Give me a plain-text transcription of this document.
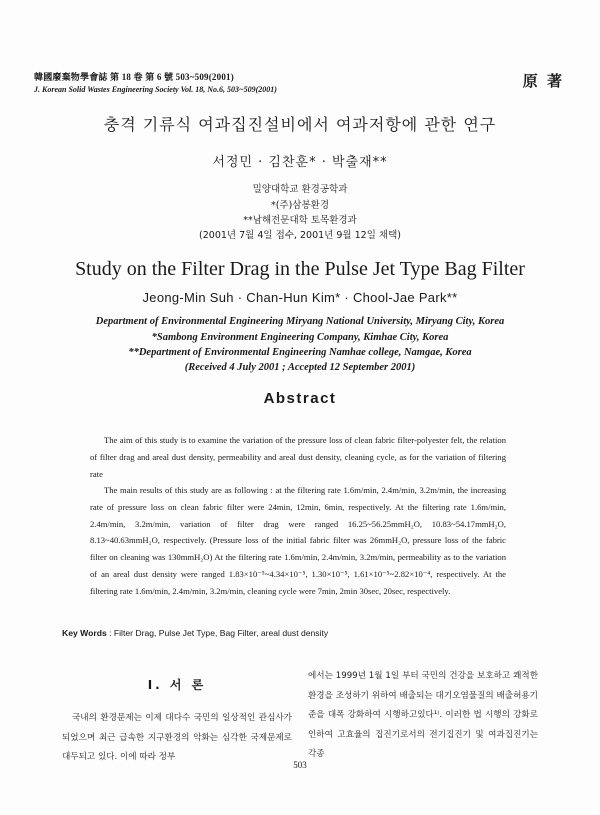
韓國廢棄物學會誌 第 18 卷 第 6 號 503~509(2001)
J. Korean Solid Wastes Engineering Society Vol. 18, No.6, 503~509(2001)	原 著
충격 기류식 여과집진설비에서 여과저항에 관한 연구
서정민 · 김찬훈* · 박출재**
밀양대학교 환경공학과
*(주)삼봉환경
**남해전문대학 토목환경과
(2001년 7월 4일 접수, 2001년 9월 12일 채택)
Study on the Filter Drag in the Pulse Jet Type Bag Filter
Jeong-Min Suh · Chan-Hun Kim* · Chool-Jae Park**
Department of Environmental Engineering Miryang National University, Miryang City, Korea
*Sambong Environment Engineering Company, Kimhae City, Korea
**Department of Environmental Engineering Namhae college, Namgae, Korea
(Received 4 July 2001 ; Accepted 12 September 2001)
Abstract

The aim of this study is to examine the variation of the pressure loss of clean fabric filter-polyester felt, the relation of filter drag and areal dust density, permeability and areal dust density, cleaning cycle, as for the variation of filtering rate

The main results of this study are as following : at the filtering rate 1.6m/min, 2.4m/min, 3.2m/min, the increasing rate of pressure loss on clean fabric filter were 24min, 12min, 6min, respectively. At the filtering rate 1.6m/min, 2.4m/min, 3.2m/min, variation of filter drag were ranged 16.25~56.25mmH₂O, 10.83~54.17mmH₂O, 8.13~40.63mmH₂O, respectively. (Pressure loss of the initial fabric filter was 26mmH₂O, pressure loss of the fabric filter on cleaning was 130mmH₂O) At the filtering rate 1.6m/min, 2.4m/min, 3.2m/min, permeability as to the variation of an areal dust density were ranged 1.83×10⁻⁵~4.34×10⁻⁵, 1.30×10⁻⁵, 1.61×10⁻⁵~2.82×10⁻⁴, respectively. At the filtering rate 1.6m/min, 2.4m/min, 3.2m/min, cleaning cycle were 7min, 2min 30sec, 20sec, respectively.

Key Words : Filter Drag, Pulse Jet Type, Bag Filter, areal dust density
Ⅰ. 서 론

국내의 환경문제는 이제 대다수 국민의 일상적인 관심사가 되었으며 최근 급속한 지구환경의 악화는 심각한 국제문제로 대두되고 있다. 이에 따라 정부

에서는 1999년 1월 1일 부터 국민의 건강을 보호하고 쾌적한 환경을 조성하기 위하여 배출되는 대기오염물질의 배출허용기준을 대폭 강화하여 시행하고있다¹⁾. 이러한 법 시행의 강화로 인하여 고효율의 집진기로서의 전기집진기 및 여과집진기는 각종

503
